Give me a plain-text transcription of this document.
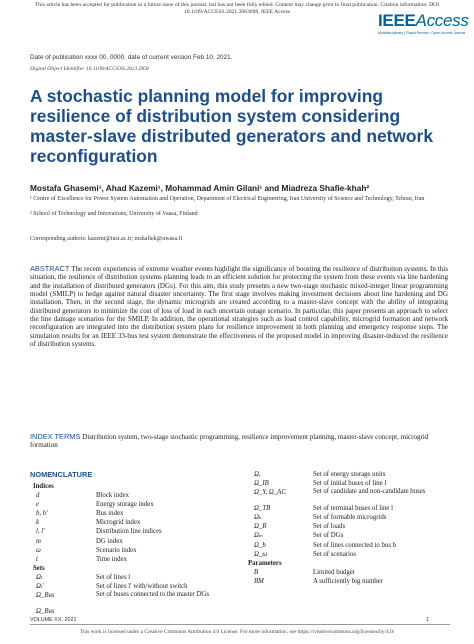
This article has been accepted for publication in a future issue of this journal, but has not been fully edited. Content may change prior to final publication. Citation information: DOI
10.1109/ACCESS.2021.3063698, IEEE Access	IEEEAccess
Multidisciplinary | Rapid Review | Open Access Journal
Date of publication xxxx 00, 0000, date of current version Feb 10, 2021.
Digital Object Identifier 10.1109/ACCESS.2021.DOI
A stochastic planning model for improving resilience of distribution system considering master-slave distributed generators and network reconfiguration
Mostafa Ghasemi¹, Ahad Kazemi¹, Mohammad Amin Gilani¹ and Miadreza Shafie-khah²
¹ Centre of Excellence for Power System Automation and Operation, Department of Electrical Engineering, Iran University of Science and Technology, Tehran, Iran
² School of Technology and Innovations, University of Vaasa, Finland
Corresponding authors: kazemi@iust.ac.ir; mshafiek@uwasa.fi

ABSTRACT The recent experiences of extreme weather events highlight the significance of boosting the resilience of distribution systems. In this situation, the resilience of distribution systems planning leads to an efficient solution for protecting the system from these events via line hardening and the installation of distributed generators (DGs). For this aim, this study presents a new two-stage stochastic mixed-integer linear programming model (SMILP) to hedge against natural disaster uncertainty. The first stage involves making investment decisions about line hardening and DG installation. Then, in the second stage, the dynamic microgrids are created according to a master-slave concept with the ability of integrating distributed generators to minimize the cost of loss of load in each uncertain outage scenario. In particular, this paper presents an approach to select the line damage scenarios for the SMILP. In addition, the operational strategies such as load control capability, microgrid formation and network reconfiguration are integrated into the distribution system plans for resilience improvement in both planning and emergency response steps. The simulation results for an IEEE 33-bus test system demonstrate the effectiveness of the proposed model in improving disaster-induced the resilience of distribution systems.

INDEX TERMS Distribution system, two-stage stochastic programming, resilience improvement planning, master-slave concept, microgrid formation

NOMENCLATURE
Indices
d	Block index
e	Energy storage index
b, b′	Bus index
k	Microgrid index
l, l′	Distribution line indices
m	DG index
ω	Scenario index
t	Time index
Sets
Ωₗ	Set of lines l
Ωₗ′	Set of lines l′ with/without switch
Ω_Bus	Set of buses connected to the master DGs
Ω_Bus
Ωₑ	Set of energy storage units
Ω_IB	Set of initial buses of line l
Ω_Y, Ω_AC	Set of candidate and non-candidate buses
Ω_TB	Set of terminal buses of line l
Ωₖ	Set of formable microgrids
Ω_R	Set of loads
Ωₘ	Set of DGs
Ω_b	Set of lines connected to bus b
Ω_ω	Set of scenarios
Parameters
B	Limited budget
BM	A sufficiently big number
VOLUME XX, 2021	1
This work is licensed under a Creative Commons Attribution 4.0 License. For more information, see https://creativecommons.org/licenses/by/4.0/
